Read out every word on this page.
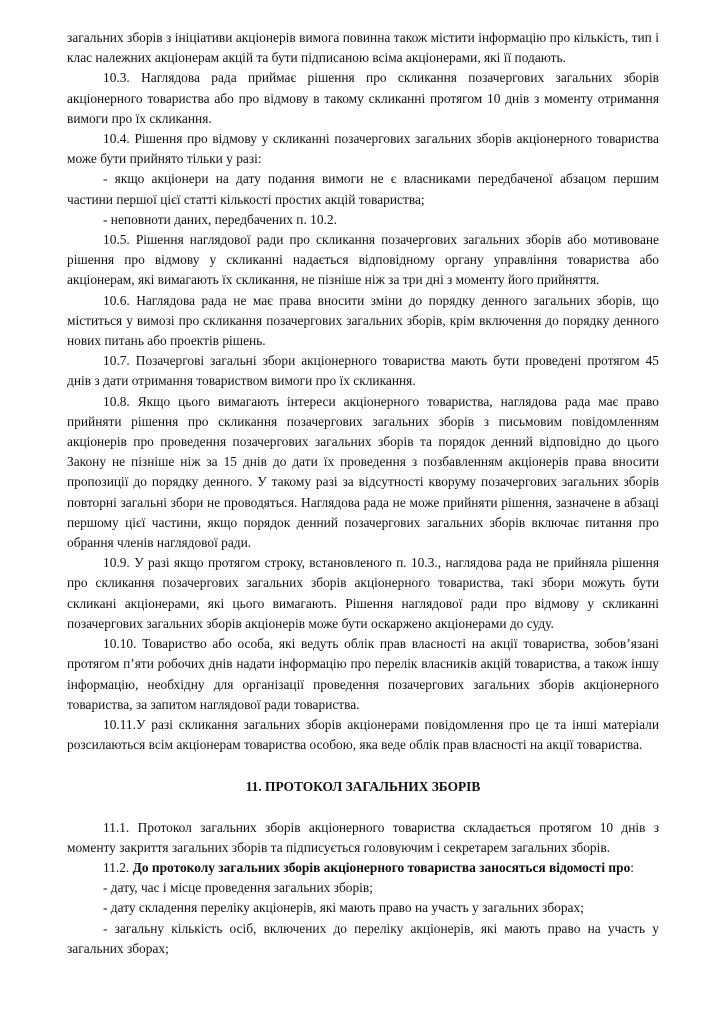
загальних зборів з ініціативи акціонерів вимога повинна також містити інформацію про кількість, тип і клас належних акціонерам акцій та бути підписаною всіма акціонерами, які її подають.

10.3. Наглядова рада приймає рішення про скликання позачергових загальних зборів акціонерного товариства або про відмову в такому скликанні протягом 10 днів з моменту отримання вимоги про їх скликання.

10.4. Рішення про відмову у скликанні позачергових загальних зборів акціонерного товариства може бути прийнято тільки у разі:

- якщо акціонери на дату подання вимоги не є власниками передбаченої абзацом першим частини першої цієї статті кількості простих акцій товариства;

- неповноти даних, передбачених п. 10.2.

10.5. Рішення наглядової ради про скликання позачергових загальних зборів або мотивоване рішення про відмову у скликанні надається відповідному органу управління товариства або акціонерам, які вимагають їх скликання, не пізніше ніж за три дні з моменту його прийняття.

10.6. Наглядова рада не має права вносити зміни до порядку денного загальних зборів, що міститься у вимозі про скликання позачергових загальних зборів, крім включення до порядку денного нових питань або проектів рішень.

10.7. Позачергові загальні збори акціонерного товариства мають бути проведені протягом 45 днів з дати отримання товариством вимоги про їх скликання.

10.8. Якщо цього вимагають інтереси акціонерного товариства, наглядова рада має право прийняти рішення про скликання позачергових загальних зборів з письмовим повідомленням акціонерів про проведення позачергових загальних зборів та порядок денний відповідно до цього Закону не пізніше ніж за 15 днів до дати їх проведення з позбавленням акціонерів права вносити пропозиції до порядку денного. У такому разі за відсутності кворуму позачергових загальних зборів повторні загальні збори не проводяться. Наглядова рада не може прийняти рішення, зазначене в абзаці першому цієї частини, якщо порядок денний позачергових загальних зборів включає питання про обрання членів наглядової ради.

10.9. У разі якщо протягом строку, встановленого п. 10.3., наглядова рада не прийняла рішення про скликання позачергових загальних зборів акціонерного товариства, такі збори можуть бути скликані акціонерами, які цього вимагають. Рішення наглядової ради про відмову у скликанні позачергових загальних зборів акціонерів може бути оскаржено акціонерами до суду.

10.10. Товариство або особа, які ведуть облік прав власності на акції товариства, зобов’язані протягом п’яти робочих днів надати інформацію про перелік власників акцій товариства, а також іншу інформацію, необхідну для організації проведення позачергових загальних зборів акціонерного товариства, за запитом наглядової ради товариства.

10.11.У разі скликання загальних зборів акціонерами повідомлення про це та інші матеріали розсилаються всім акціонерам товариства особою, яка веде облік прав власності на акції товариства.

11. ПРОТОКОЛ ЗАГАЛЬНИХ ЗБОРІВ

11.1. Протокол загальних зборів акціонерного товариства складається протягом 10 днів з моменту закриття загальних зборів та підписується головуючим і секретарем загальних зборів.

11.2. До протоколу загальних зборів акціонерного товариства заносяться відомості про:

- дату, час і місце проведення загальних зборів;

- дату складення переліку акціонерів, які мають право на участь у загальних зборах;

- загальну кількість осіб, включених до переліку акціонерів, які мають право на участь у загальних зборах;
